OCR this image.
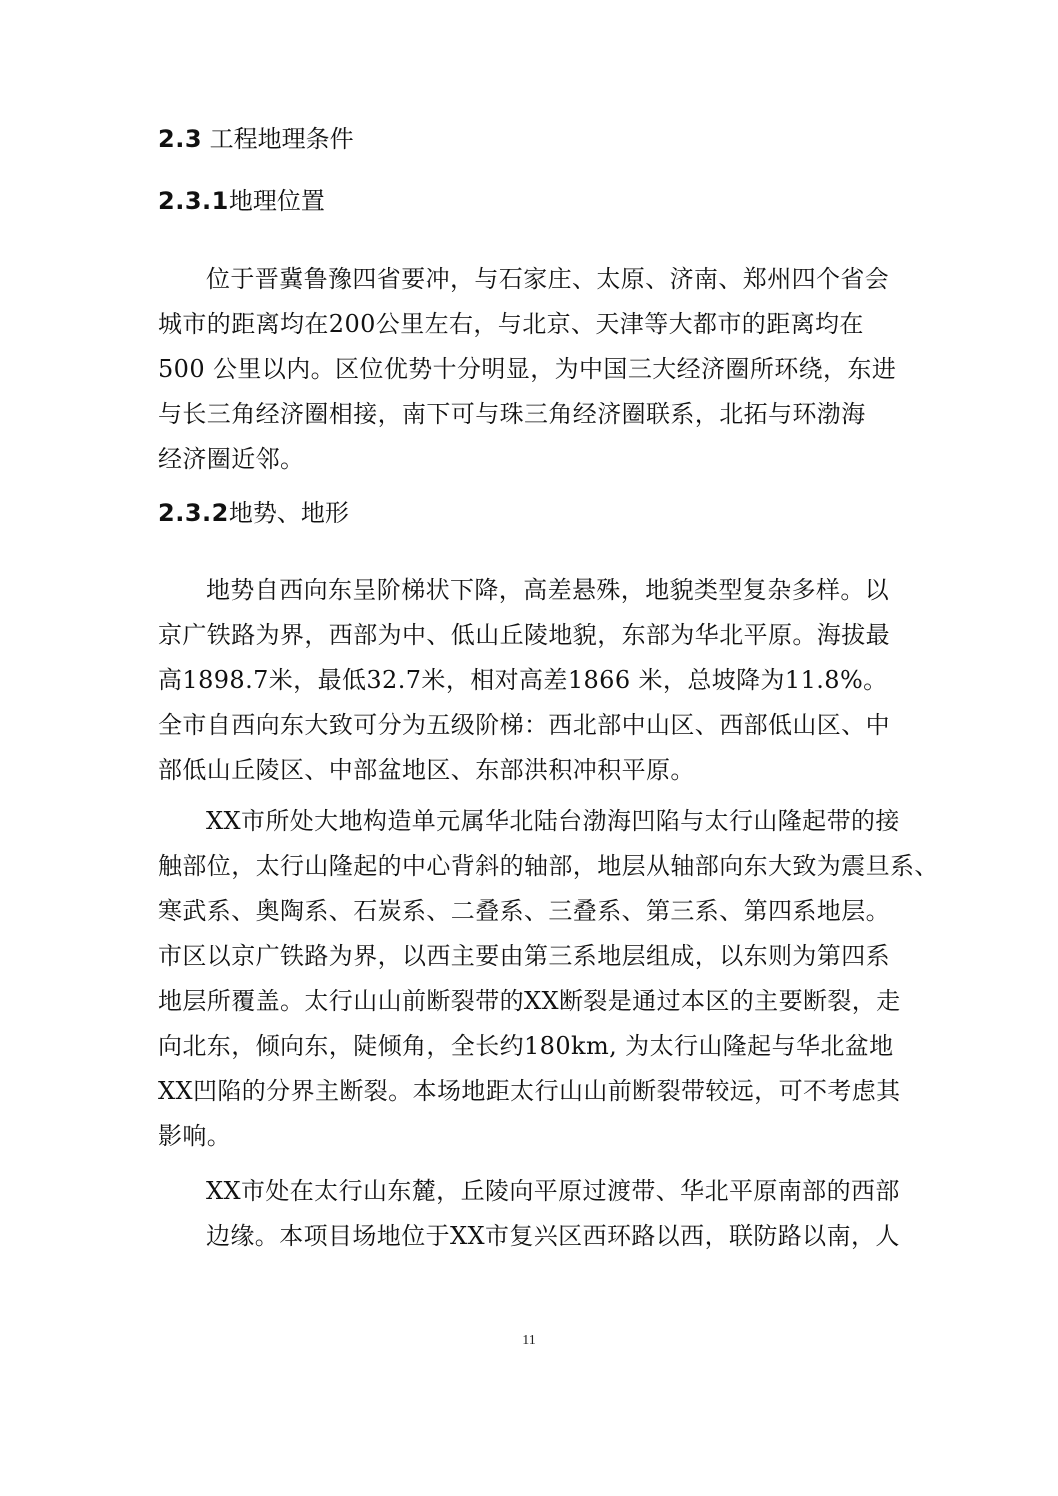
2.3 工程地理条件
2.3.1地理位置

位于晋冀鲁豫四省要冲，与石家庄、太原、济南、郑州四个省会

城市的距离均在200公里左右，与北京、天津等大都市的距离均在

500 公里以内。区位优势十分明显，为中国三大经济圈所环绕，东进

与长三角经济圈相接，南下可与珠三角经济圈联系，北拓与环渤海

经济圈近邻。

2.3.2地势、地形

地势自西向东呈阶梯状下降，高差悬殊，地貌类型复杂多样。以

京广铁路为界，西部为中、低山丘陵地貌，东部为华北平原。海拔最

高1898.7米，最低32.7米，相对高差1866 米，总坡降为11.8%。

全市自西向东大致可分为五级阶梯：西北部中山区、西部低山区、中

部低山丘陵区、中部盆地区、东部洪积冲积平原。

XX市所处大地构造单元属华北陆台渤海凹陷与太行山隆起带的接

触部位，太行山隆起的中心背斜的轴部，地层从轴部向东大致为震旦系、

寒武系、奥陶系、石炭系、二叠系、三叠系、第三系、第四系地层。

市区以京广铁路为界，以西主要由第三系地层组成，以东则为第四系

地层所覆盖。太行山山前断裂带的XX断裂是通过本区的主要断裂，走

向北东，倾向东，陡倾角，全长约180km, 为太行山隆起与华北盆地

XX凹陷的分界主断裂。本场地距太行山山前断裂带较远，可不考虑其

影响。

XX市处在太行山东麓，丘陵向平原过渡带、华北平原南部的西部

边缘。本项目场地位于XX市复兴区西环路以西，联防路以南，人

11
